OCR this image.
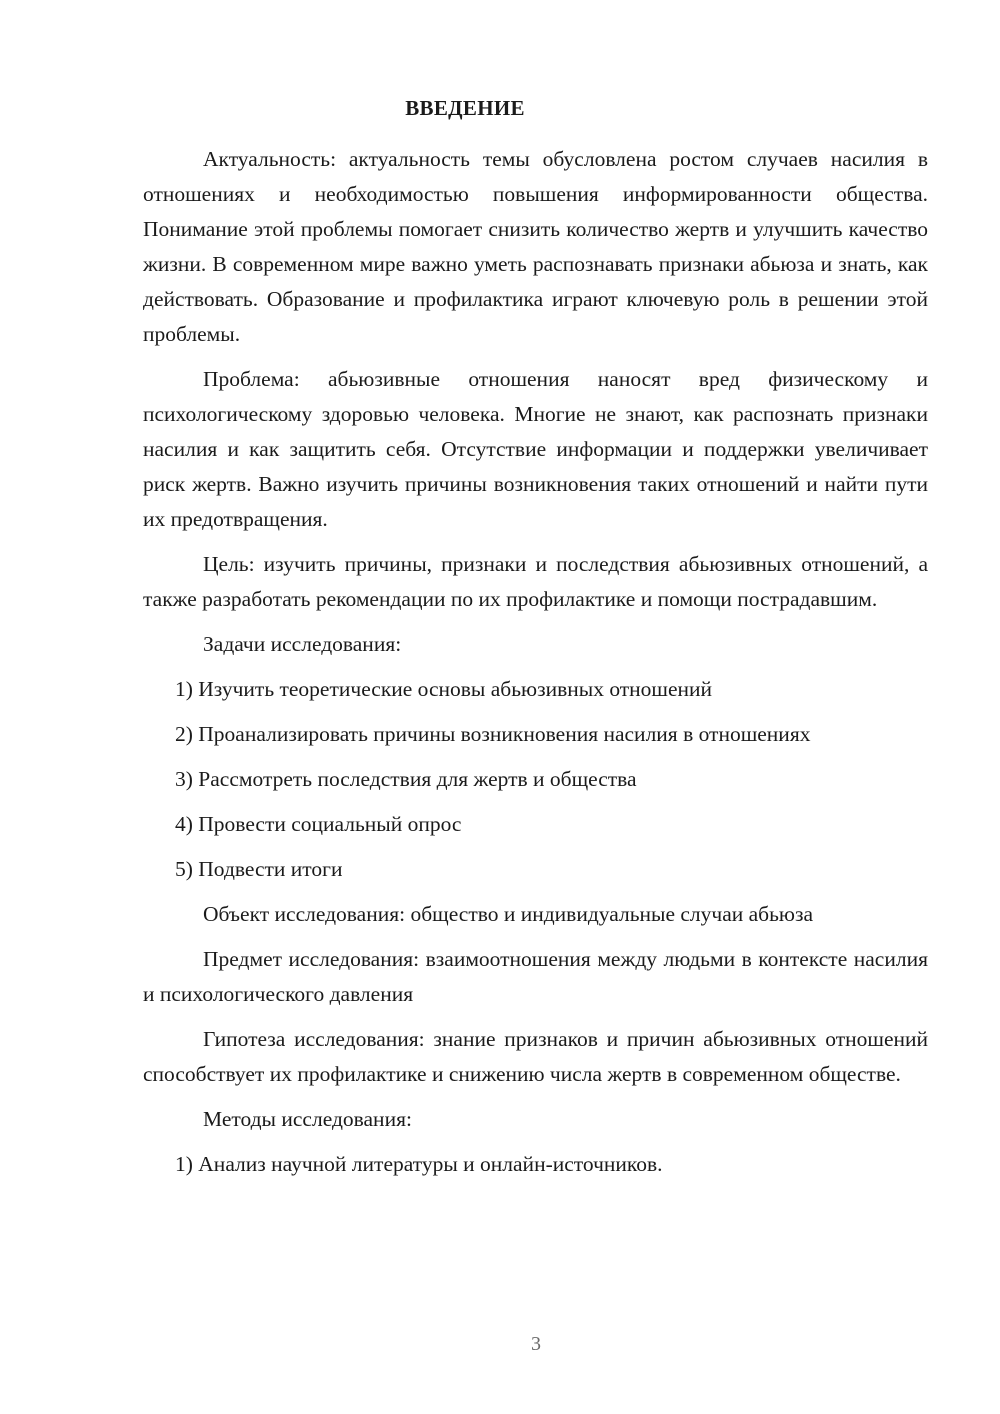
ВВЕДЕНИЕ

Актуальность: актуальность темы обусловлена ростом случаев насилия в отношениях и необходимостью повышения информированности общества. Понимание этой проблемы помогает снизить количество жертв и улучшить качество жизни. В современном мире важно уметь распознавать признаки абьюза и знать, как действовать. Образование и профилактика играют ключевую роль в решении этой проблемы.

Проблема: абьюзивные отношения наносят вред физическому и психологическому здоровью человека. Многие не знают, как распознать признаки насилия и как защитить себя. Отсутствие информации и поддержки увеличивает риск жертв. Важно изучить причины возникновения таких отношений и найти пути их предотвращения.

Цель: изучить причины, признаки и последствия абьюзивных отношений, а также разработать рекомендации по их профилактике и помощи пострадавшим.

Задачи исследования:

1) Изучить теоретические основы абьюзивных отношений

2) Проанализировать причины возникновения насилия в отношениях

3) Рассмотреть последствия для жертв и общества

4) Провести социальный опрос

5) Подвести итоги

Объект исследования: общество и индивидуальные случаи абьюза

Предмет исследования: взаимоотношения между людьми в контексте насилия и психологического давления

Гипотеза исследования: знание признаков и причин абьюзивных отношений способствует их профилактике и снижению числа жертв в современном обществе.

Методы исследования:

1) Анализ научной литературы и онлайн-источников.

3
